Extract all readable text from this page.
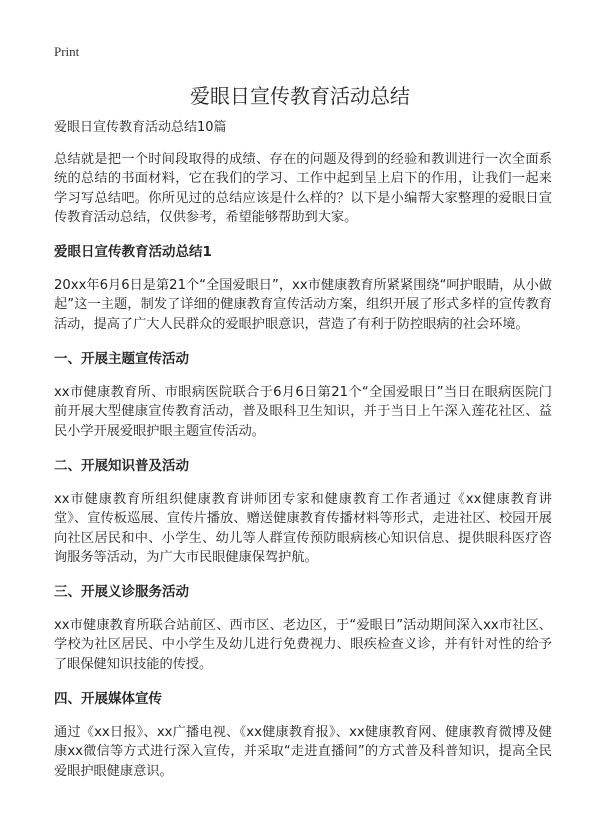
Print
爱眼日宣传教育活动总结

爱眼日宣传教育活动总结10篇

总结就是把一个时间段取得的成绩、存在的问题及得到的经验和教训进行一次全面系统的总结的书面材料，它在我们的学习、工作中起到呈上启下的作用，让我们一起来学习写总结吧。你所见过的总结应该是什么样的？以下是小编帮大家整理的爱眼日宣传教育活动总结，仅供参考，希望能够帮助到大家。

爱眼日宣传教育活动总结1

20xx年6月6日是第21个“全国爱眼日”，xx市健康教育所紧紧围绕“呵护眼睛，从小做起”这一主题，制发了详细的健康教育宣传活动方案，组织开展了形式多样的宣传教育活动，提高了广大人民群众的爱眼护眼意识，营造了有利于防控眼病的社会环境。

一、开展主题宣传活动

xx市健康教育所、市眼病医院联合于6月6日第21个“全国爱眼日”当日在眼病医院门前开展大型健康宣传教育活动，普及眼科卫生知识，并于当日上午深入莲花社区、益民小学开展爱眼护眼主题宣传活动。

二、开展知识普及活动

xx市健康教育所组织健康教育讲师团专家和健康教育工作者通过《xx健康教育讲堂》、宣传板巡展、宣传片播放、赠送健康教育传播材料等形式，走进社区、校园开展向社区居民和中、小学生、幼儿等人群宣传预防眼病核心知识信息、提供眼科医疗咨询服务等活动，为广大市民眼健康保驾护航。

三、开展义诊服务活动

xx市健康教育所联合站前区、西市区、老边区，于“爱眼日”活动期间深入xx市社区、学校为社区居民、中小学生及幼儿进行免费视力、眼疾检查义诊，并有针对性的给予了眼保健知识技能的传授。

四、开展媒体宣传

通过《xx日报》、xx广播电视、《xx健康教育报》、xx健康教育网、健康教育微博及健康xx微信等方式进行深入宣传，并采取“走进直播间”的方式普及科普知识，提高全民爱眼护眼健康意识。
